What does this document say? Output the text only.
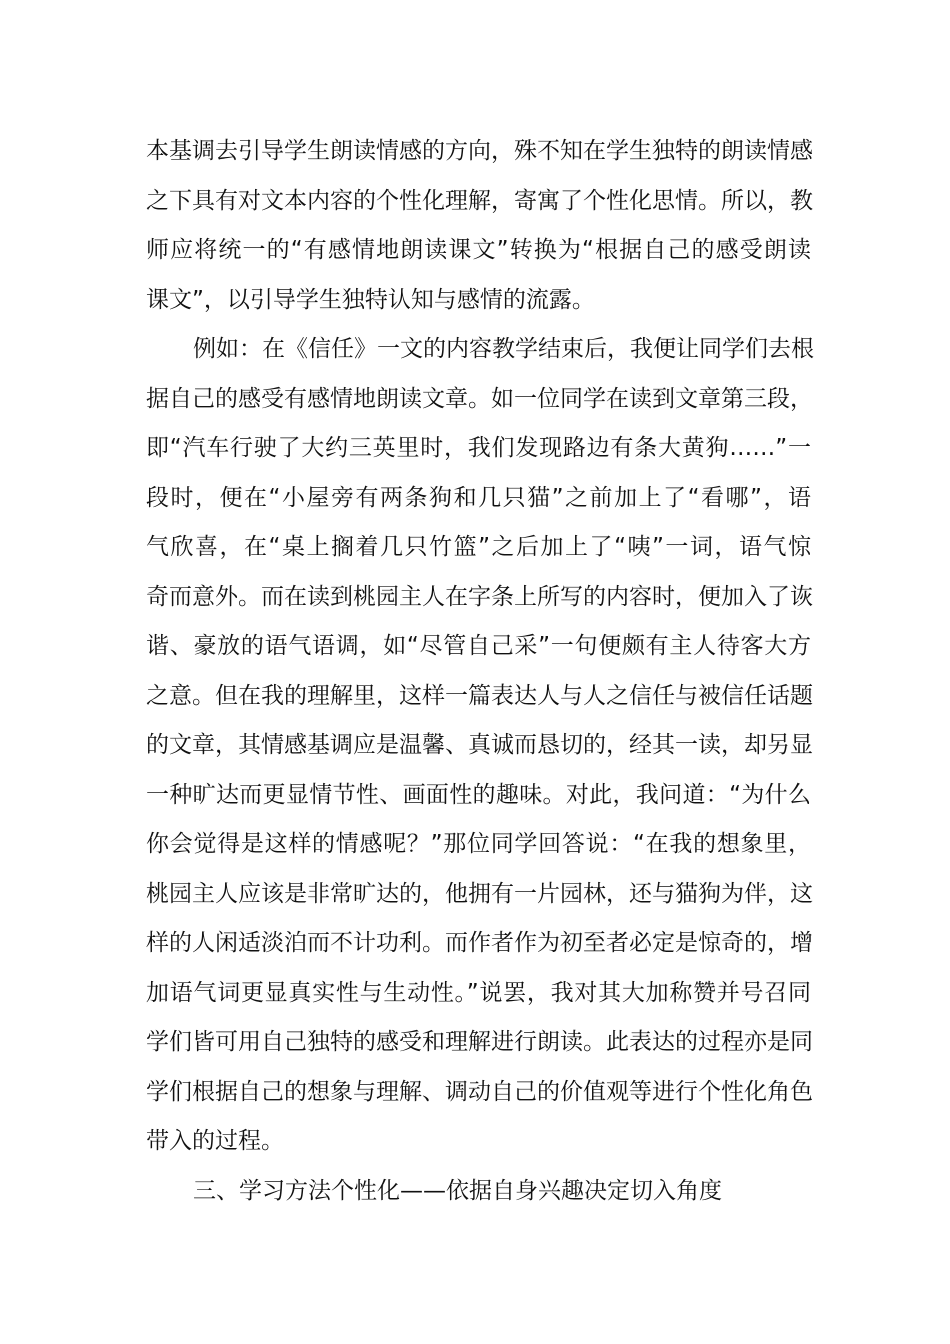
本基调去引导学生朗读情感的方向，殊不知在学生独特的朗读情感
之下具有对文本内容的个性化理解，寄寓了个性化思情。所以，教
师应将统一的“有感情地朗读课文”转换为“根据自己的感受朗读
课文”，以引导学生独特认知与感情的流露。
例如：在《信任》一文的内容教学结束后，我便让同学们去根
据自己的感受有感情地朗读文章。如一位同学在读到文章第三段，
即“汽车行驶了大约三英里时，我们发现路边有条大黄狗……”一
段时，便在“小屋旁有两条狗和几只猫”之前加上了“看哪”，语
气欣喜，在“桌上搁着几只竹篮”之后加上了“咦”一词，语气惊
奇而意外。而在读到桃园主人在字条上所写的内容时，便加入了诙
谐、豪放的语气语调，如“尽管自己采”一句便颇有主人待客大方
之意。但在我的理解里，这样一篇表达人与人之信任与被信任话题
的文章，其情感基调应是温馨、真诚而恳切的，经其一读，却另显
一种旷达而更显情节性、画面性的趣味。对此，我问道：“为什么
你会觉得是这样的情感呢？”那位同学回答说：“在我的想象里，
桃园主人应该是非常旷达的，他拥有一片园林，还与猫狗为伴，这
样的人闲适淡泊而不计功利。而作者作为初至者必定是惊奇的，增
加语气词更显真实性与生动性。”说罢，我对其大加称赞并号召同
学们皆可用自己独特的感受和理解进行朗读。此表达的过程亦是同
学们根据自己的想象与理解、调动自己的价值观等进行个性化角色
带入的过程。
三、学习方法个性化——依据自身兴趣决定切入角度
